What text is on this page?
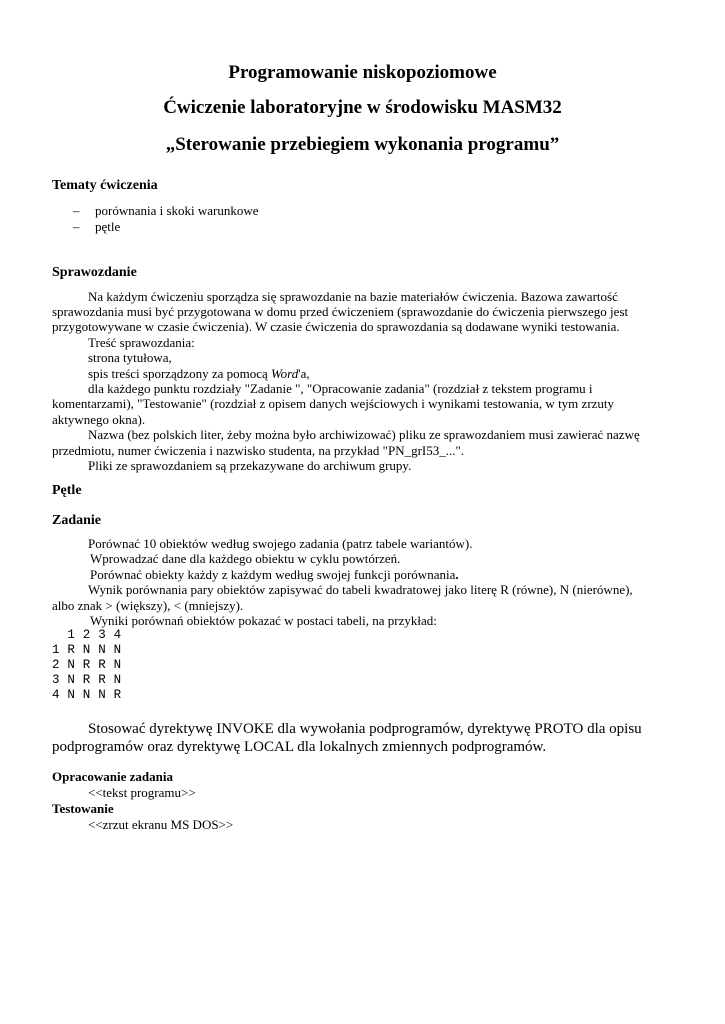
Programowanie niskopoziomowe
Ćwiczenie laboratoryjne w środowisku MASM32
„Sterowanie przebiegiem wykonania programu”
Tematy ćwiczenia
– porównania i skoki warunkowe

– pętle

Sprawozdanie

Na każdym ćwiczeniu sporządza się sprawozdanie na bazie materiałów ćwiczenia. Bazowa zawartość

sprawozdania musi być przygotowana w domu przed ćwiczeniem (sprawozdanie do ćwiczenia pierwszego jest

przygotowywane w czasie ćwiczenia). W czasie ćwiczenia do sprawozdania są dodawane wyniki testowania.

Treść sprawozdania:

strona tytułowa,

spis treści sporządzony za pomocą Word'a,

dla każdego punktu rozdziały "Zadanie ", "Opracowanie zadania" (rozdział z tekstem programu i

komentarzami), "Testowanie" (rozdział z opisem danych wejściowych i wynikami testowania, w tym zrzuty

aktywnego okna).

Nazwa (bez polskich liter, żeby można było archiwizować) pliku ze sprawozdaniem musi zawierać nazwę

przedmiotu, numer ćwiczenia i nazwisko studenta, na przykład "PN_grI53_...".

Pliki ze sprawozdaniem są przekazywane do archiwum grupy.

Pętle
Zadanie

Porównać 10 obiektów według swojego zadania (patrz tabele wariantów).

Wprowadzać dane dla każdego obiektu w cyklu powtórzeń.

Porównać obiekty każdy z każdym według swojej funkcji porównania.

Wynik porównania pary obiektów zapisywać do tabeli kwadratowej jako literę R (równe), N (nierówne),

albo znak > (większy), < (mniejszy).

Wyniki porównań obiektów pokazać w postaci tabeli, na przykład:

1 2 3 4

1 R N N N

2 N R R N

3 N R R N

4 N N N R

Stosować dyrektywę INVOKE dla wywołania podprogramów, dyrektywę PROTO dla opisu

podprogramów oraz dyrektywę LOCAL dla lokalnych zmiennych podprogramów.

Opracowanie zadania

<<tekst programu>>

Testowanie

<<zrzut ekranu MS DOS>>
